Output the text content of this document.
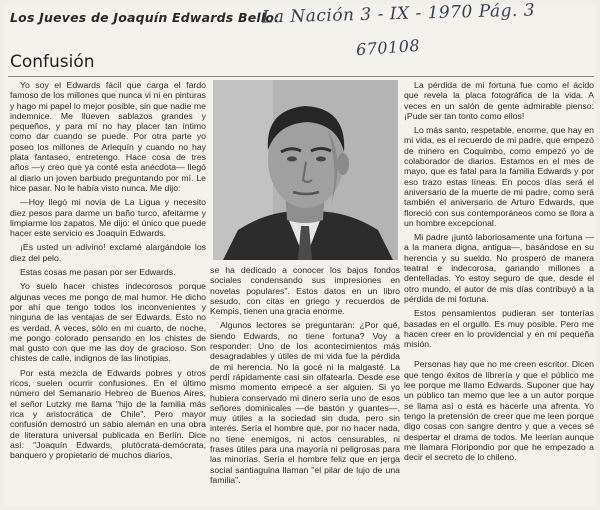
Los Jueves de Joaquín Edwards Bello:
La Nación 3 - IX - 1970 Pág. 3
670108
Confusión

Yo soy el Edwards fácil que carga el fardo famoso de los millones que nunca vi ni en pinturas y hago mi papel lo mejor posible, sin que nadie me indemnice. Me llueven sablazos grandes y pequeños, y para mí no hay placer tan íntimo como dar cuando se puede. Por otra parte yo poseo los millones de Arlequín y cuando no hay plata fantaseo, entretengo. Hace cosa de tres años —y creo que ya conté esta anécdota— llegó al diario un joven barbudo preguntando por mí. Le hice pasar. No le había visto nunca. Me dijo:

—Hoy llegó mi novia de La Ligua y necesito diez pesos para darme un baño turco, afeitarme y limpiarme los zapatos. Me dijo: el único que puede hacer este servicio es Joaquín Edwards.

¡Es usted un adivino! exclamé alargándole los diez del pelo.

Estas cosas me pasan por ser Edwards.

Yo suelo hacer chistes indecorosos porque algunas veces me pongo de mal humor. He dicho por ahí que tengo todos los inconvenientes y ninguna de las ventajas de ser Edwards. Esto no es verdad. A veces, sólo en mi cuarto, de noche, me pongo colorado pensando en los chistes de mal gusto con que me las doy de gracioso. Son chistes de calle, indignos de las linotipias.

Por esta mezcla de Edwards pobres y otros ricos, suelen ocurrir confusiones. En el último número del Semanario Hebreo de Buenos Aires, el señor Lutzky me llama "hijo de la familia más rica y aristocrática de Chile". Pero mayor confusión demostró un sabio alemán en una obra de literatura universal publicada en Berlín. Dice así: "Joaquín Edwards, plutócrata-demócrata, banquero y propietario de muchos diarios,

se ha dedicado a conocer los bajos fondos sociales condensando sus impresiones en novelas populares". Estos datos en un libro sesudo, con citas en griego y recuerdos de Kempis, tienen una gracia enorme.

Algunos lectores se preguntarán: ¿Por qué, siendo Edwards, no tiene fortuna? Voy a responder: Uno de los acontecimientos más desagradables y útiles de mi vida fue la pérdida de mi herencia. No la gocé ni la malgasté. La perdí rápidamente casi sin olfatearla. Desde ese mismo momento empecé a ser alguien. Si yo hubiera conservado mi dinero sería uno de esos señores dominicales —de bastón y guantes—, muy útiles a la sociedad sin duda, pero sin interés. Sería el hombre que, por no hacer nada, no tiene enemigos, ni actos censurables, ni frases útiles para una mayoría ni peligrosas para las minorías. Sería el hombre feliz que en jerga social santiaguina llaman "el pilar de lujo de una familia".

La pérdida de mi fortuna fue como el ácido que revela la placa fotográfica de la vida. A veces en un salón de gente admirable pienso: ¡Pude ser tan tonto como ellos!

Lo más santo, respetable, enorme, que hay en mi vida, es el recuerdo de mi padre, que empezó de minero en Coquimbo, como empezó yo de colaborador de diarios. Estamos en el mes de mayo, que es fatal para la familia Edwards y por eso trazo estas líneas. En pocos días será el aniversario de la muerte de mi padre, como será también el aniversario de Arturo Edwards, que floreció con sus contemporáneos como se llora a un hombre excepcional.

Mi padre ¡juntó laboriosamente una fortuna —a la manera digna, antigua—, basándose en su herencia y su sueldo. No prosperó de manera teatral e indecorosa, ganando millones a dentelladas. Yo estoy seguro de que, desde el otro mundo, el autor de mis días contribuyó a la pérdida de mi fortuna.

Estos pensamientos pudieran ser tonterías basadas en el orgullo. Es muy posible. Pero me hacen creer en lo providencial y en mi pequeña misión.

Personas hay que no me creen escritor. Dicen que tengo éxitos de librería y que el público me lee porque me llamo Edwards. Suponer que hay un público tan memo que lee a un autor porque se llama así o está es hacerle una afrenta. Yo tengo la pretensión de creer que me leen porque digo cosas con sangre dentro y que a veces sé despertar el drama de todos. Me leerían aunque me llamara Floripondio por que he empezado a decir el secreto de lo chileno.
